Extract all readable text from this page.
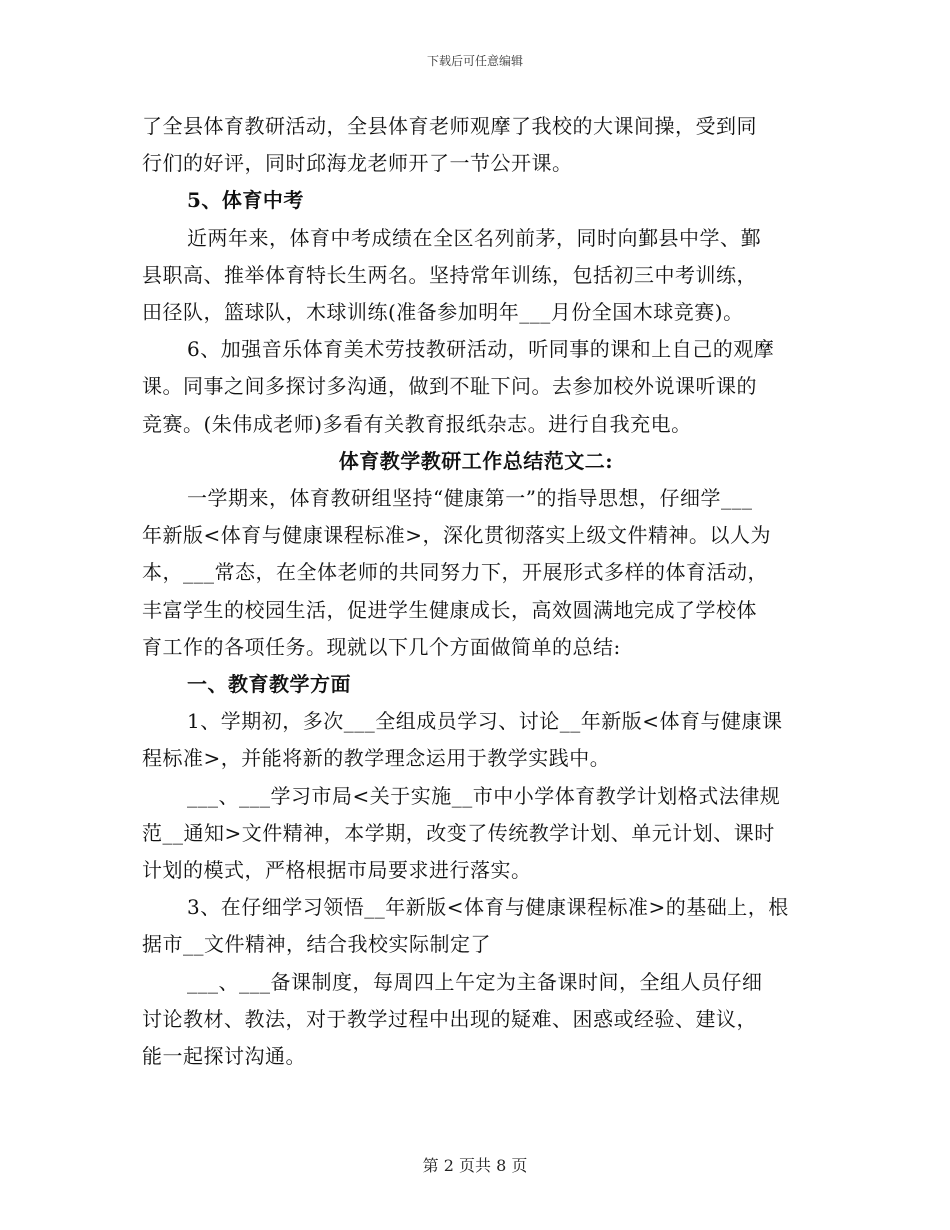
下载后可任意编辑

了全县体育教研活动，全县体育老师观摩了我校的大课间操，受到同

行们的好评，同时邱海龙老师开了一节公开课。

5、体育中考

近两年来，体育中考成绩在全区名列前茅，同时向鄞县中学、鄞

县职高、推举体育特长生两名。坚持常年训练，包括初三中考训练，

田径队，篮球队，木球训练(准备参加明年___月份全国木球竞赛)。

6、加强音乐体育美术劳技教研活动，听同事的课和上自己的观摩

课。同事之间多探讨多沟通，做到不耻下问。去参加校外说课听课的

竞赛。(朱伟成老师)多看有关教育报纸杂志。进行自我充电。

体育教学教研工作总结范文二:

一学期来，体育教研组坚持“健康第一”的指导思想，仔细学___

年新版<体育与健康课程标准>，深化贯彻落实上级文件精神。以人为

本，___常态，在全体老师的共同努力下，开展形式多样的体育活动，

丰富学生的校园生活，促进学生健康成长，高效圆满地完成了学校体

育工作的各项任务。现就以下几个方面做简单的总结:

一、教育教学方面

1、学期初，多次___全组成员学习、讨论__年新版<体育与健康课

程标准>，并能将新的教学理念运用于教学实践中。

___、___学习市局<关于实施__市中小学体育教学计划格式法律规

范__通知>文件精神，本学期，改变了传统教学计划、单元计划、课时

计划的模式，严格根据市局要求进行落实。

3、在仔细学习领悟__年新版<体育与健康课程标准>的基础上，根

据市__文件精神，结合我校实际制定了

___、___备课制度，每周四上午定为主备课时间，全组人员仔细

讨论教材、教法，对于教学过程中出现的疑难、困惑或经验、建议，

能一起探讨沟通。

第 2 页共 8 页
